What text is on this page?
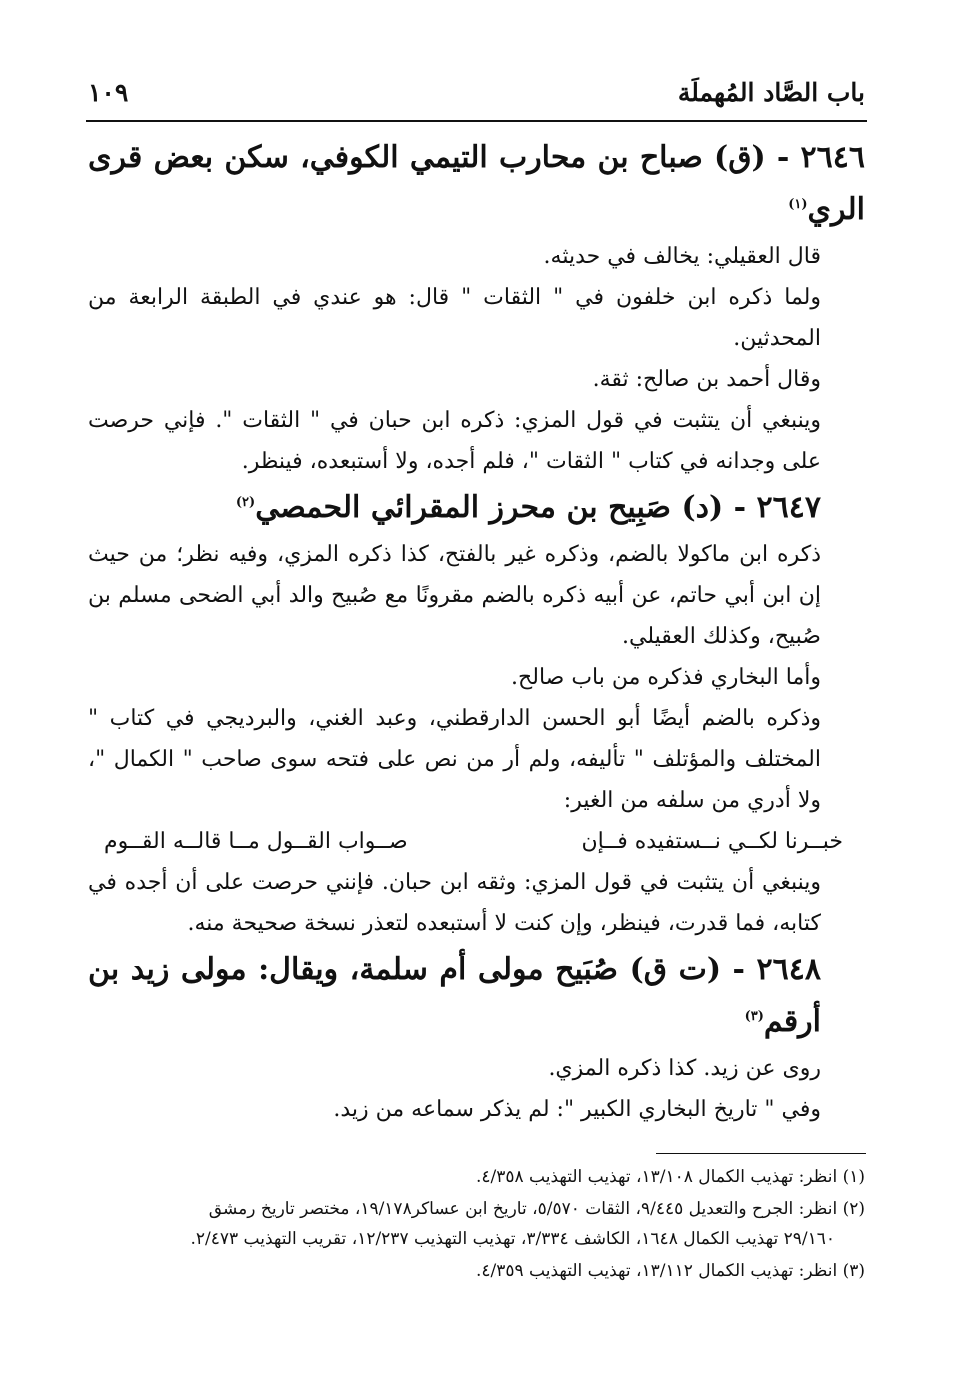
باب الصَّاد المُهملَة
١٠٩

٢٦٤٦ - (ق) صباح بن محارب التيمي الكوفي، سكن بعض قرى الري$^{(١)}$

قال العقيلي: يخالف في حديثه.

ولما ذكره ابن خلفون في " الثقات " قال: هو عندي في الطبقة الرابعة من المحدثين.

وقال أحمد بن صالح: ثقة.

وينبغي أن يتثبت في قول المزي: ذكره ابن حبان في " الثقات ". فإني حرصت على وجدانه في كتاب " الثقات "، فلم أجده، ولا أستبعده، فينظر.

٢٦٤٧ - (د) صَبِيح بن محرز المقرائي الحمصي$^{(٢)}$

ذكره ابن ماكولا بالضم، وذكره غير بالفتح، كذا ذكره المزي، وفيه نظر؛ من حيث إن ابن أبي حاتم، عن أبيه ذكره بالضم مقرونًا مع صُبيح والد أبي الضحى مسلم بن صُبيح، وكذلك العقيلي.

وأما البخاري فذكره من باب صالح.

وذكره بالضم أيضًا أبو الحسن الدارقطني، وعبد الغني، والبرديجي في كتاب " المختلف والمؤتلف " تأليفه، ولم أر من نص على فتحه سوى صاحب " الكمال "، ولا أدري من سلفه من الغير:

خبــرنا لكــي نــستفيده فــإن
صــواب القــول مــا قالــه القــوم

وينبغي أن يتثبت في قول المزي: وثقه ابن حبان. فإنني حرصت على أن أجده في كتابه، فما قدرت، فينظر، وإن كنت لا أستبعده لتعذر نسخة صحيحة منه.

٢٦٤٨ - (ت ق) صُبَيح مولى أم سلمة، ويقال: مولى زيد بن أرقم$^{(٣)}$

روى عن زيد. كذا ذكره المزي.

وفي " تاريخ البخاري الكبير ": لم يذكر سماعه من زيد.

(١) انظر: تهذيب الكمال ١٣/١٠٨، تهذيب التهذيب ٤/٣٥٨.

(٢) انظر: الجرح والتعديل ٩/٤٤٥، الثقات ٥/٥٧٠، تاريخ ابن عساكر١٩/١٧٨، مختصر تاريخ رمشق
٢٩/١٦٠ تهذيب الكمال ١٦٤٨، الكاشف ٣/٣٣٤، تهذيب التهذيب ١٢/٢٣٧، تقريب التهذيب ٢/٤٧٣.

(٣) انظر: تهذيب الكمال ١٣/١١٢، تهذيب التهذيب ٤/٣٥٩.
